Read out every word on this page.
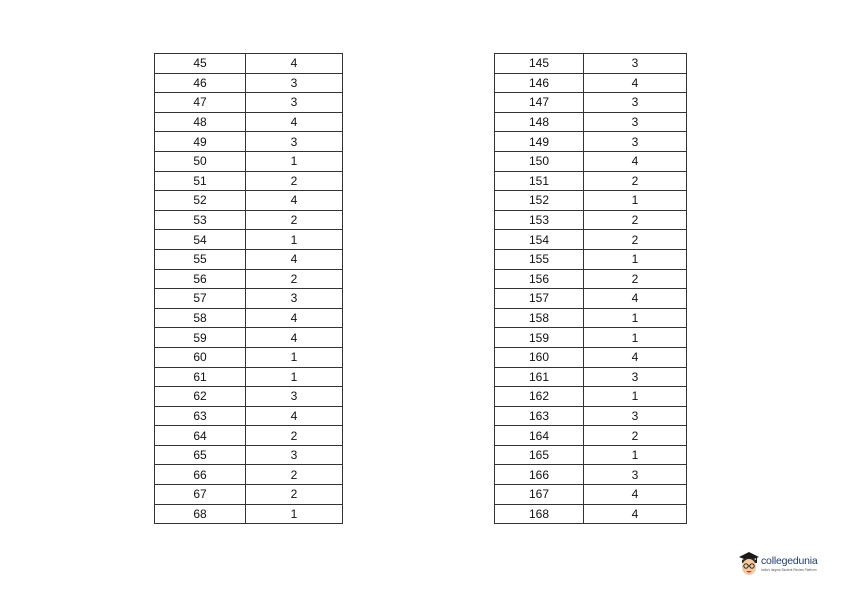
45	4
46	3
47	3
48	4
49	3
50	1
51	2
52	4
53	2
54	1
55	4
56	2
57	3
58	4
59	4
60	1
61	1
62	3
63	4
64	2
65	3
66	2
67	2
68	1
145	3
146	4
147	3
148	3
149	3
150	4
151	2
152	1
153	2
154	2
155	1
156	2
157	4
158	1
159	1
160	4
161	3
162	1
163	3
164	2
165	1
166	3
167	4
168	4
collegedunia
India's largest Student Review Platform
